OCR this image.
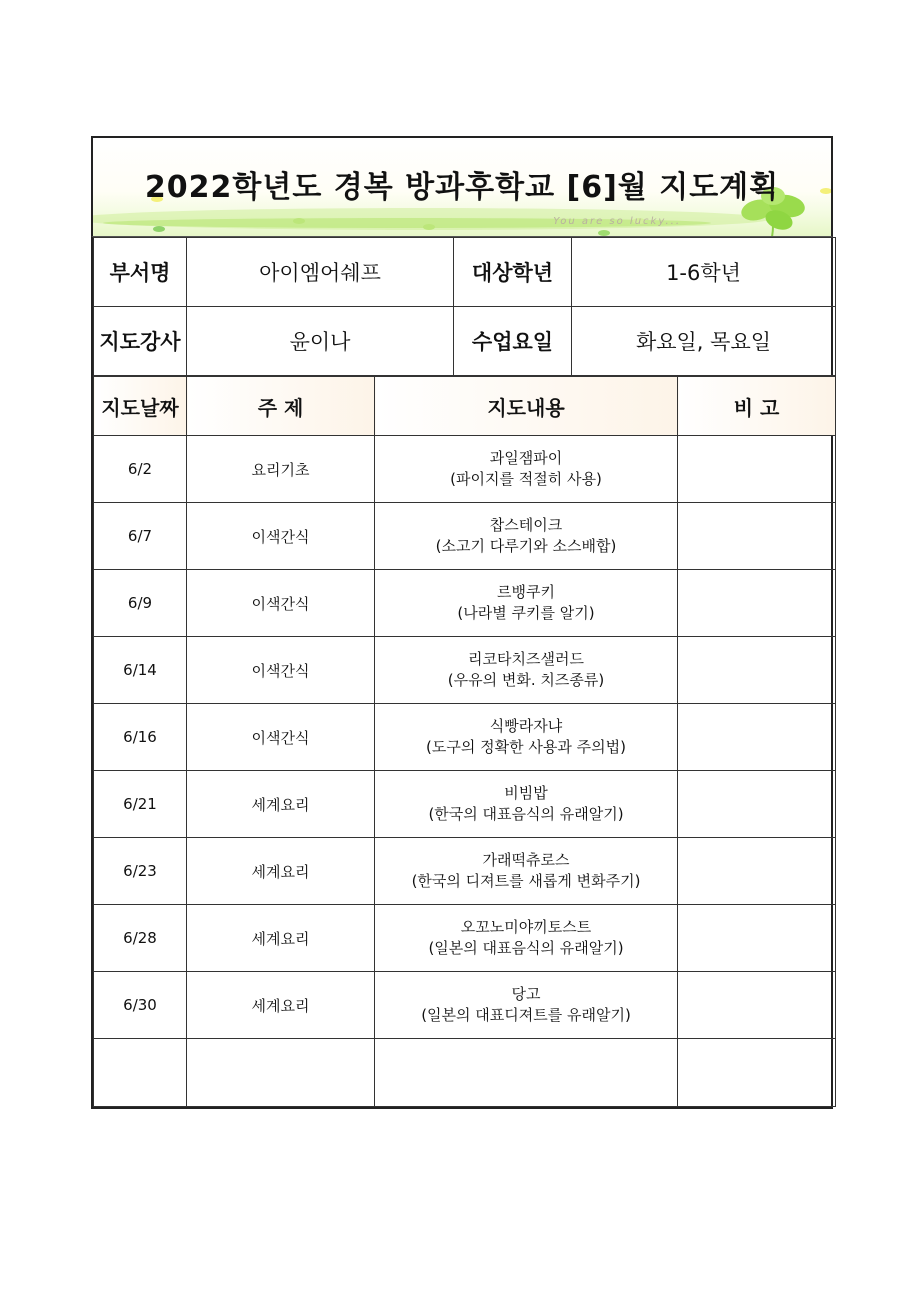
You are so lucky...
2022학년도 경복 방과후학교 [6]월 지도계획
부서명	아이엠어쉐프	대상학년	1-6학년
지도강사	윤이나	수업요일	화요일, 목요일
지도날짜	주 제	지도내용	비 고
6/2	요리기초	과일잼파이
(파이지를 적절히 사용)	

6/7	이색간식	찹스테이크
(소고기 다루기와 소스배합)	

6/9	이색간식	르뱅쿠키
(나라별 쿠키를 알기)	

6/14	이색간식	리코타치즈샐러드
(우유의 변화. 치즈종류)	

6/16	이색간식	식빵라자냐
(도구의 정확한 사용과 주의법)	

6/21	세계요리	비빔밥
(한국의 대표음식의 유래알기)	

6/23	세계요리	가래떡츄로스
(한국의 디져트를 새롭게 변화주기)	

6/28	세계요리	오꼬노미야끼토스트
(일본의 대표음식의 유래알기)	

6/30	세계요리	당고
(일본의 대표디져트를 유래알기)	
